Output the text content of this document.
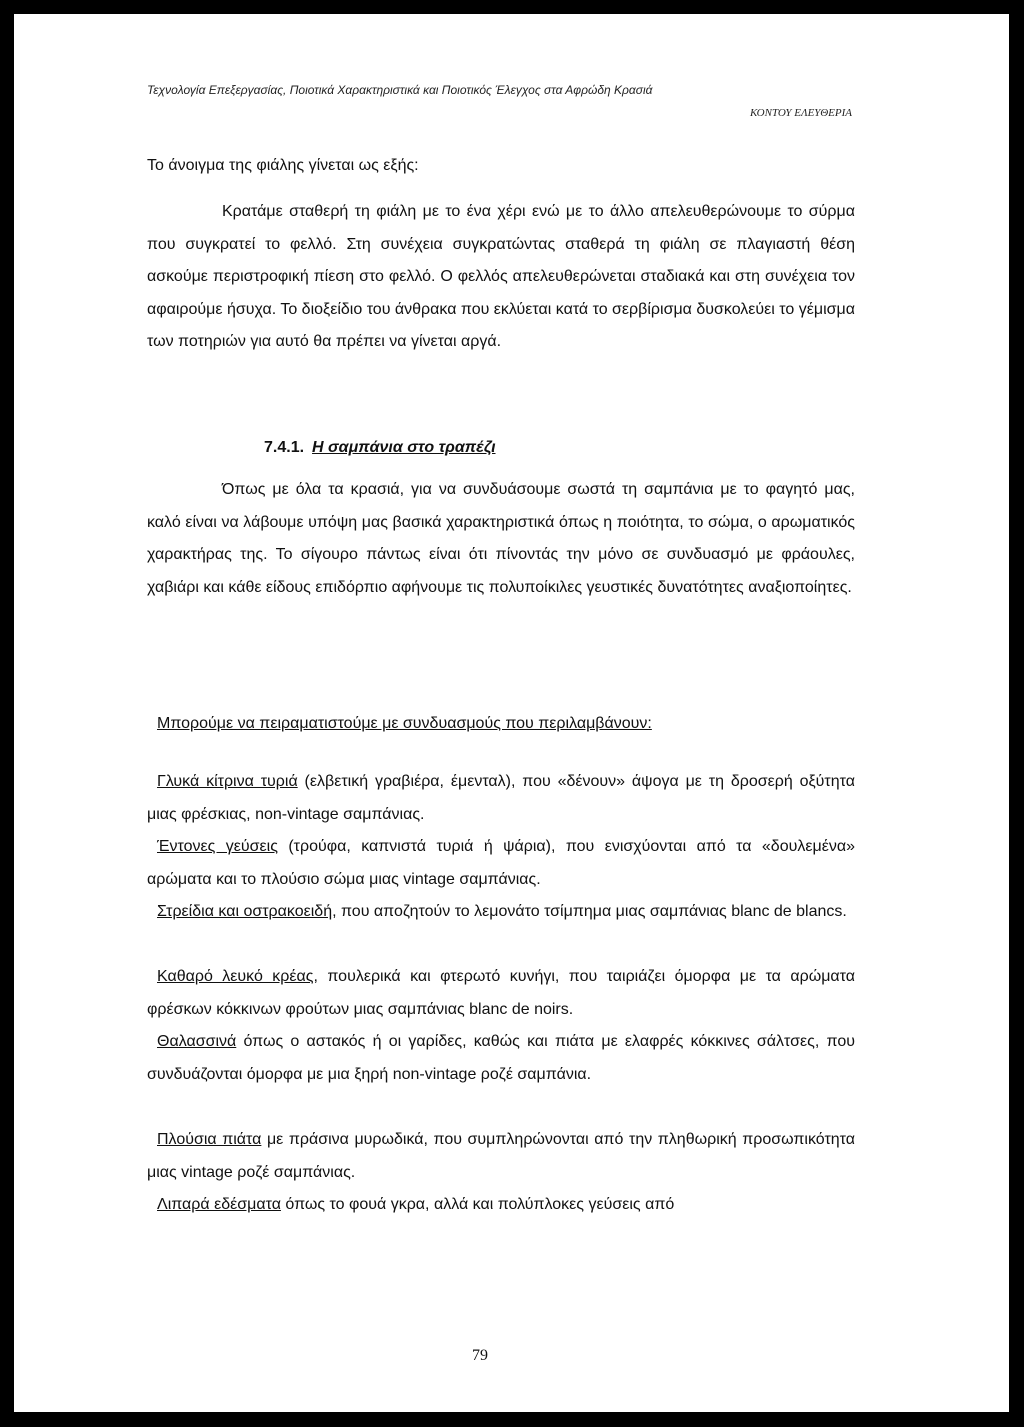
Τεχνολογία Επεξεργασίας, Ποιοτικά Χαρακτηριστικά και Ποιοτικός Έλεγχος στα Αφρώδη Κρασιά
ΚΟΝΤΟΥ ΕΛΕΥΘΕΡΙΑ

Το άνοιγμα της φιάλης γίνεται ως εξής:

Κρατάμε σταθερή τη φιάλη με το ένα χέρι ενώ με το άλλο απελευθερώνουμε το σύρμα που συγκρατεί το φελλό. Στη συνέχεια συγκρατώντας σταθερά τη φιάλη σε πλαγιαστή θέση ασκούμε περιστροφική πίεση στο φελλό. Ο φελλός απελευθερώνεται σταδιακά και στη συνέχεια τον αφαιρούμε ήσυχα. Το διοξείδιο του άνθρακα που εκλύεται κατά το σερβίρισμα δυσκολεύει το γέμισμα των ποτηριών για αυτό θα πρέπει να γίνεται αργά.

7.4.1. Η σαμπάνια στο τραπέζι

Όπως με όλα τα κρασιά, για να συνδυάσουμε σωστά τη σαμπάνια με το φαγητό μας, καλό είναι να λάβουμε υπόψη μας βασικά χαρακτηριστικά όπως η ποιότητα, το σώμα, ο αρωματικός χαρακτήρας της. Το σίγουρο πάντως είναι ότι πίνοντάς την μόνο σε συνδυασμό με φράουλες, χαβιάρι και κάθε είδους επιδόρπιο αφήνουμε τις πολυποίκιλες γευστικές δυνατότητες αναξιοποίητες.

Μπορούμε να πειραματιστούμε με συνδυασμούς που περιλαμβάνουν:

Γλυκά κίτρινα τυριά (ελβετική γραβιέρα, έμενταλ), που «δένουν» άψογα με τη δροσερή οξύτητα μιας φρέσκιας, non-vintage σαμπάνιας.

Έντονες γεύσεις (τρούφα, καπνιστά τυριά ή ψάρια), που ενισχύονται από τα «δουλεμένα» αρώματα και το πλούσιο σώμα μιας vintage σαμπάνιας.

Στρείδια και οστρακοειδή, που αποζητούν το λεμονάτο τσίμπημα μιας σαμπάνιας blanc de blancs.

Καθαρό λευκό κρέας, πουλερικά και φτερωτό κυνήγι, που ταιριάζει όμορφα με τα αρώματα φρέσκων κόκκινων φρούτων μιας σαμπάνιας blanc de noirs.

Θαλασσινά όπως ο αστακός ή οι γαρίδες, καθώς και πιάτα με ελαφρές κόκκινες σάλτσες, που συνδυάζονται όμορφα με μια ξηρή non-vintage ροζέ σαμπάνια.

Πλούσια πιάτα με πράσινα μυρωδικά, που συμπληρώνονται από την πληθωρική προσωπικότητα μιας vintage ροζέ σαμπάνιας.

Λιπαρά εδέσματα όπως το φουά γκρα, αλλά και πολύπλοκες γεύσεις από

79
